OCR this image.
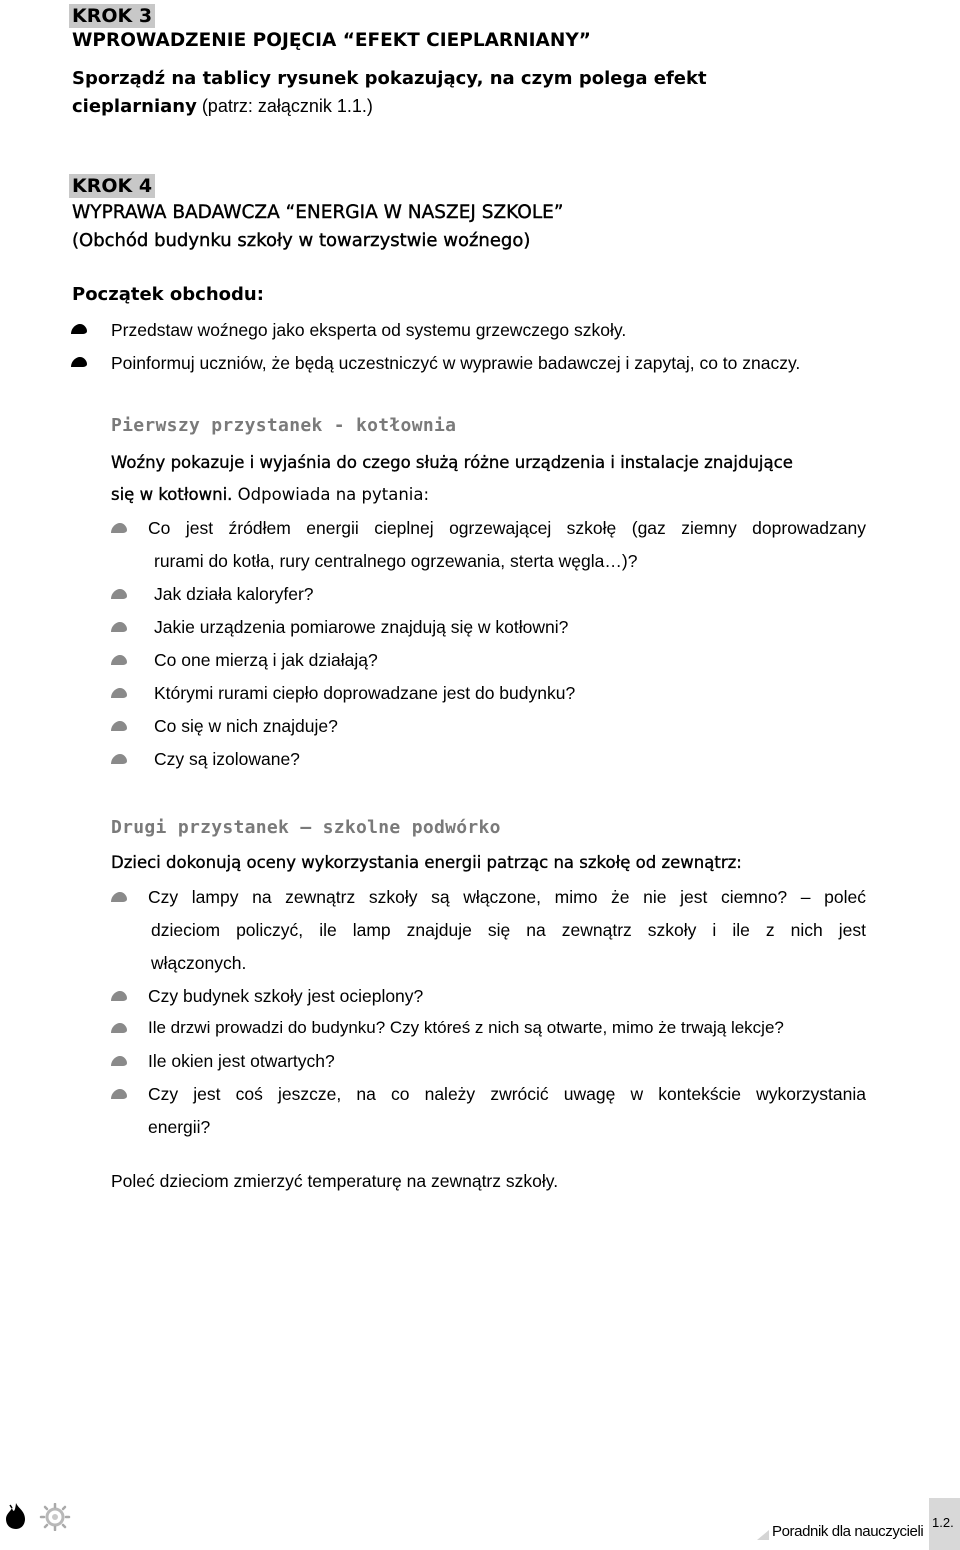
KROK 3
WPROWADZENIE POJĘCIA “EFEKT CIEPLARNIANY”
Sporządź na tablicy rysunek pokazujący, na czym polega efekt
cieplarniany (patrz: załącznik 1.1.)
KROK 4
WYPRAWA BADAWCZA “ENERGIA W NASZEJ SZKOLE”
(Obchód budynku szkoły w towarzystwie woźnego)
Początek obchodu:
Przedstaw woźnego jako eksperta od systemu grzewczego szkoły.
Poinformuj uczniów, że będą uczestniczyć w wyprawie badawczej i zapytaj, co to znaczy.
Pierwszy przystanek - kotłownia
Woźny pokazuje i wyjaśnia do czego służą różne urządzenia i instalacje znajdujące
się w kotłowni. Odpowiada na pytania:
Co jest źródłem energii cieplnej ogrzewającej szkołę (gaz ziemny doprowadzany
rurami do kotła, rury centralnego ogrzewania, sterta węgla…)?
Jak działa kaloryfer?
Jakie urządzenia pomiarowe znajdują się w kotłowni?
Co one mierzą i jak działają?
Którymi rurami ciepło doprowadzane jest do budynku?
Co się w nich znajduje?
Czy są izolowane?
Drugi przystanek – szkolne podwórko
Dzieci dokonują oceny wykorzystania energii patrząc na szkołę od zewnątrz:
Czy lampy na zewnątrz szkoły są włączone, mimo że nie jest ciemno? – poleć
dzieciom policzyć, ile lamp znajduje się na zewnątrz szkoły i ile z nich jest
włączonych.
Czy budynek szkoły jest ocieplony?
Ile drzwi prowadzi do budynku? Czy któreś z nich są otwarte, mimo że trwają lekcje?
Ile okien jest otwartych?
Czy jest coś jeszcze, na co należy zwrócić uwagę w kontekście wykorzystania
energii?
Poleć dzieciom zmierzyć temperaturę na zewnątrz szkoły.
Poradnik dla nauczycieli
1.2.
